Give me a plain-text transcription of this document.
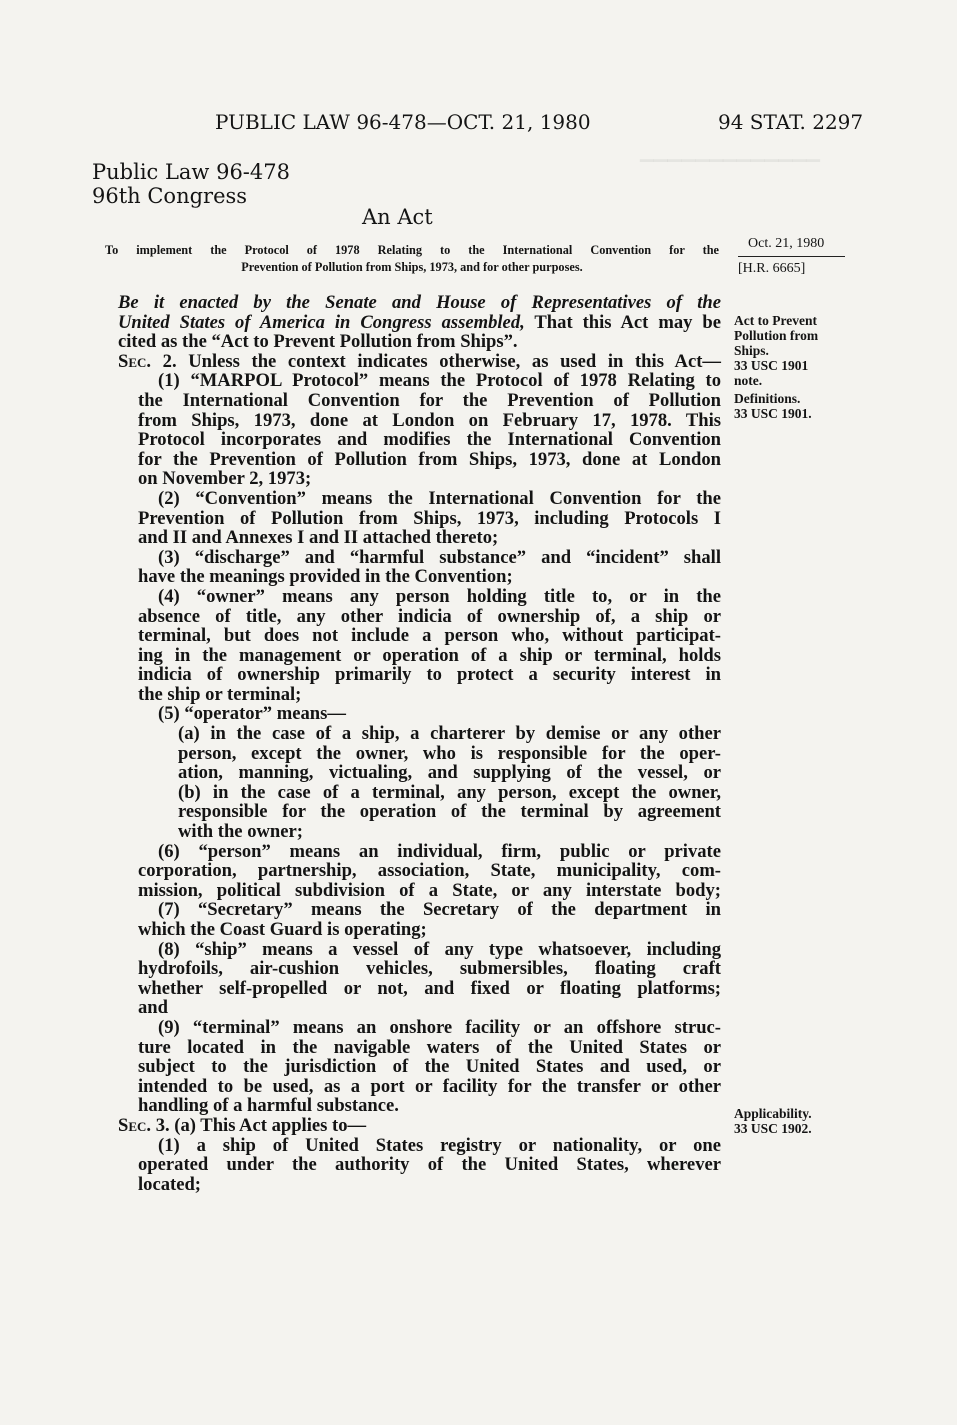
▔▔▔▔▔▔▔▔▔▔▔▔▔
PUBLIC LAW 96-478—OCT. 21, 1980	94 STAT. 2297
Public Law 96-478
96th Congress
An Act

To implement the Protocol of 1978 Relating to the International Convention for the

Prevention of Pollution from Ships, 1973, and for other purposes.

Oct. 21, 1980
[H.R. 6665]
Be it enacted by the Senate and House of Representatives of the
United States of America in Congress assembled, That this Act may be
cited as the “Act to Prevent Pollution from Ships”.
Sec. 2. Unless the context indicates otherwise, as used in this Act—
(1) “MARPOL Protocol” means the Protocol of 1978 Relating to
the International Convention for the Prevention of Pollution
from Ships, 1973, done at London on February 17, 1978. This
Protocol incorporates and modifies the International Convention
for the Prevention of Pollution from Ships, 1973, done at London
on November 2, 1973;
(2) “Convention” means the International Convention for the
Prevention of Pollution from Ships, 1973, including Protocols I
and II and Annexes I and II attached thereto;
(3) “discharge” and “harmful substance” and “incident” shall
have the meanings provided in the Convention;
(4) “owner” means any person holding title to, or in the
absence of title, any other indicia of ownership of, a ship or
terminal, but does not include a person who, without participat-
ing in the management or operation of a ship or terminal, holds
indicia of ownership primarily to protect a security interest in
the ship or terminal;
(5) “operator” means—
(a) in the case of a ship, a charterer by demise or any other
person, except the owner, who is responsible for the oper-
ation, manning, victualing, and supplying of the vessel, or
(b) in the case of a terminal, any person, except the owner,
responsible for the operation of the terminal by agreement
with the owner;
(6) “person” means an individual, firm, public or private
corporation, partnership, association, State, municipality, com-
mission, political subdivision of a State, or any interstate body;
(7) “Secretary” means the Secretary of the department in
which the Coast Guard is operating;
(8) “ship” means a vessel of any type whatsoever, including
hydrofoils, air-cushion vehicles, submersibles, floating craft
whether self-propelled or not, and fixed or floating platforms;
and
(9) “terminal” means an onshore facility or an offshore struc-
ture located in the navigable waters of the United States or
subject to the jurisdiction of the United States and used, or
intended to be used, as a port or facility for the transfer or other
handling of a harmful substance.
Sec. 3. (a) This Act applies to—
(1) a ship of United States registry or nationality, or one
operated under the authority of the United States, wherever
located;
Act to Prevent
Pollution from
Ships.
33 USC 1901
note.
Definitions.
33 USC 1901.
Applicability.
33 USC 1902.
